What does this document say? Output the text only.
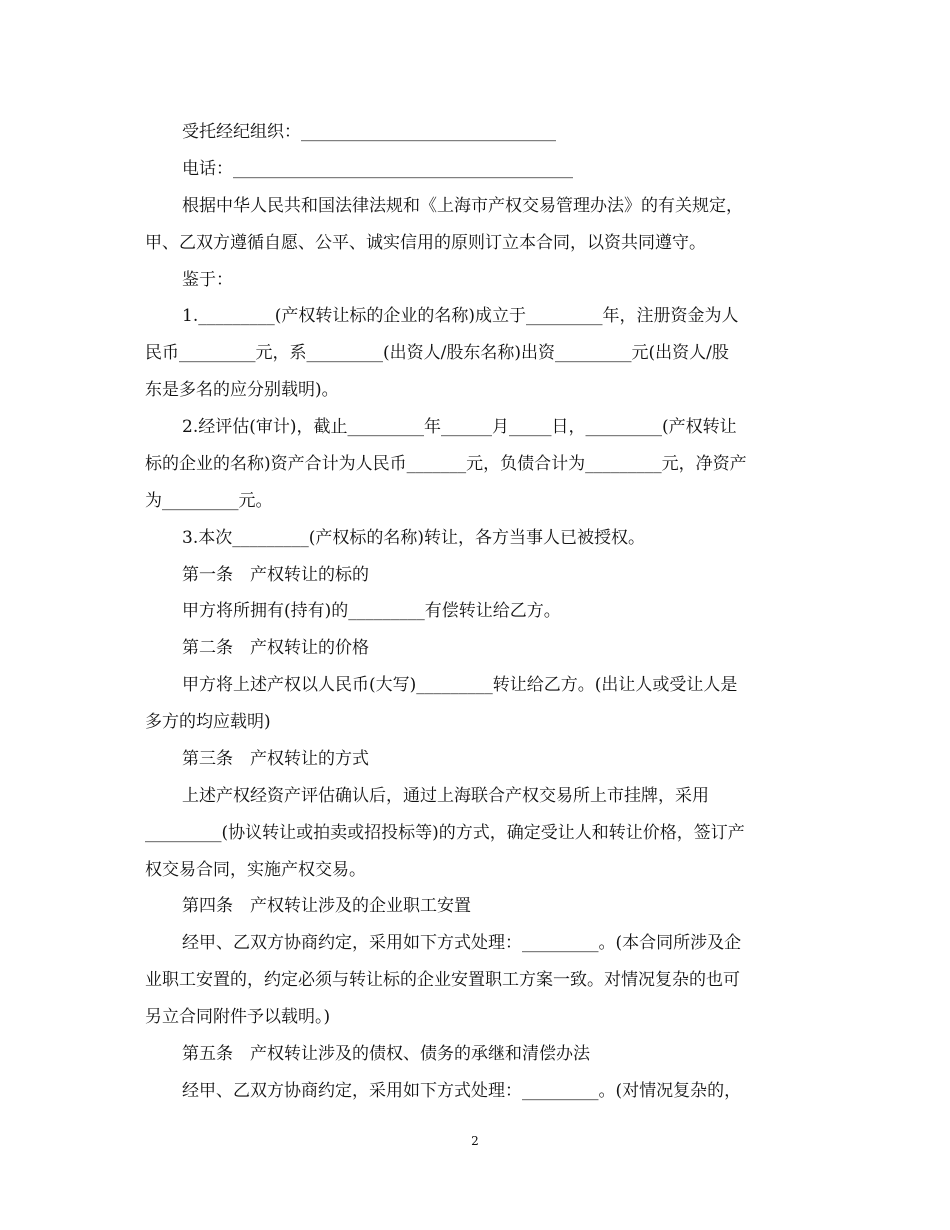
受托经纪组织：______________________________
电话：________________________________________
根据中华人民共和国法律法规和《上海市产权交易管理办法》的有关规定，
甲、乙双方遵循自愿、公平、诚实信用的原则订立本合同，以资共同遵守。
鉴于：
1._________(产权转让标的企业的名称)成立于_________年，注册资金为人
民币_________元，系_________(出资人/股东名称)出资_________元(出资人/股
东是多名的应分别载明)。
2.经评估(审计)，截止_________年______月_____日，_________(产权转让
标的企业的名称)资产合计为人民币_______元，负债合计为_________元，净资产
为_________元。
3.本次_________(产权标的名称)转让，各方当事人已被授权。
第一条　产权转让的标的
甲方将所拥有(持有)的_________有偿转让给乙方。
第二条　产权转让的价格
甲方将上述产权以人民币(大写)_________转让给乙方。(出让人或受让人是
多方的均应载明)
第三条　产权转让的方式
上述产权经资产评估确认后，通过上海联合产权交易所上市挂牌，采用
_________(协议转让或拍卖或招投标等)的方式，确定受让人和转让价格，签订产
权交易合同，实施产权交易。
第四条　产权转让涉及的企业职工安置
经甲、乙双方协商约定，采用如下方式处理：_________。(本合同所涉及企
业职工安置的，约定必须与转让标的企业安置职工方案一致。对情况复杂的也可
另立合同附件予以载明。)
第五条　产权转让涉及的债权、债务的承继和清偿办法
经甲、乙双方协商约定，采用如下方式处理：_________。(对情况复杂的，
2
